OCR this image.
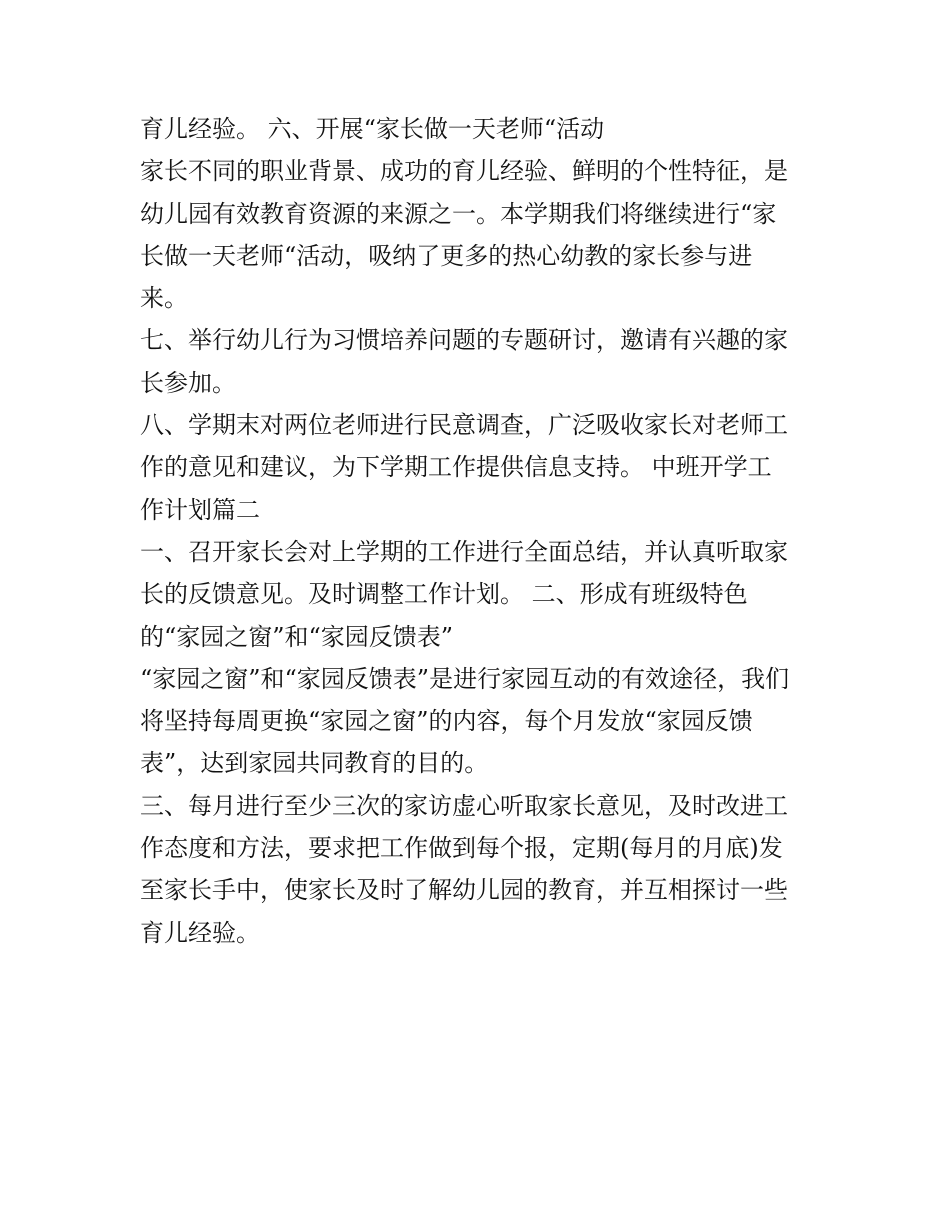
育儿经验。 六、开展“家长做一天老师“活动
家长不同的职业背景、成功的育儿经验、鲜明的个性特征，是
幼儿园有效教育资源的来源之一。本学期我们将继续进行“家
长做一天老师“活动，吸纳了更多的热心幼教的家长参与进
来。
七、举行幼儿行为习惯培养问题的专题研讨，邀请有兴趣的家
长参加。
八、学期末对两位老师进行民意调查，广泛吸收家长对老师工
作的意见和建议，为下学期工作提供信息支持。 中班开学工
作计划篇二
一、召开家长会对上学期的工作进行全面总结，并认真听取家
长的反馈意见。及时调整工作计划。 二、形成有班级特色
的“家园之窗”和“家园反馈表”
“家园之窗”和“家园反馈表”是进行家园互动的有效途径，我们
将坚持每周更换“家园之窗”的内容，每个月发放“家园反馈
表”，达到家园共同教育的目的。
三、每月进行至少三次的家访虚心听取家长意见，及时改进工
作态度和方法，要求把工作做到每个报，定期(每月的月底)发
至家长手中，使家长及时了解幼儿园的教育，并互相探讨一些
育儿经验。
